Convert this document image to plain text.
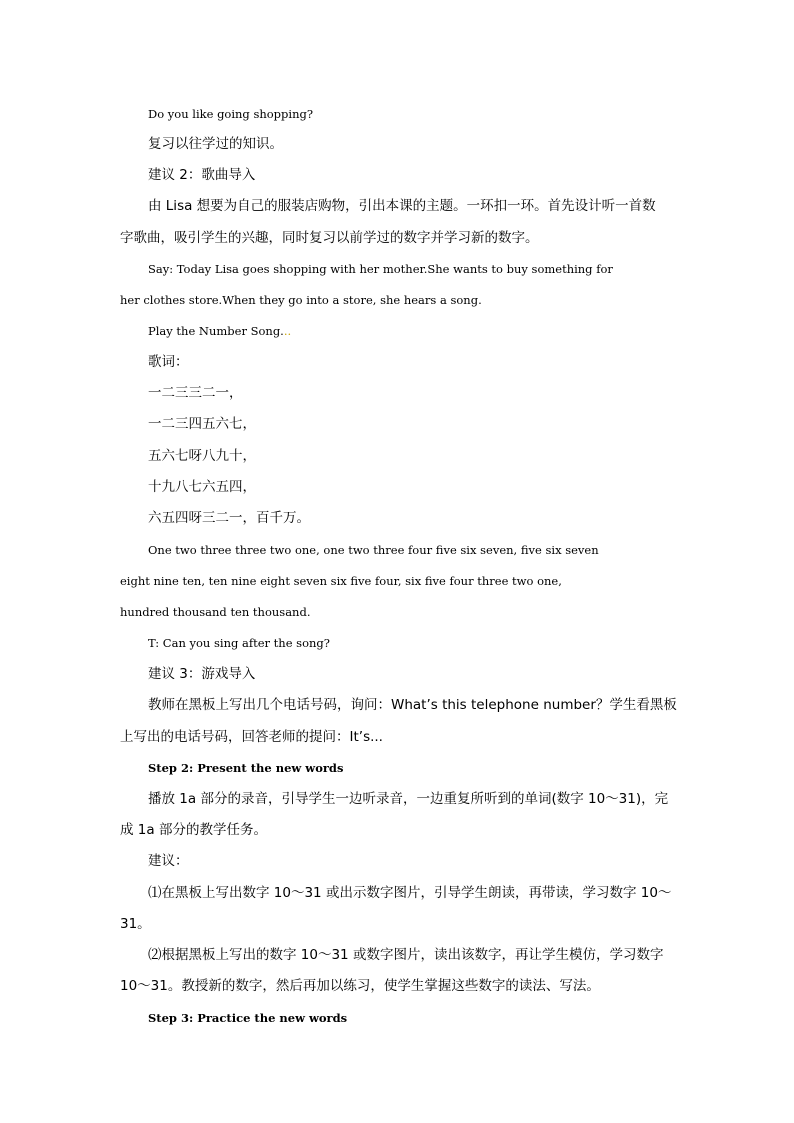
Do you like going shopping?
复习以往学过的知识。
建议 2：歌曲导入
由 Lisa 想要为自己的服装店购物，引出本课的主题。一环扣一环。首先设计听一首数
字歌曲，吸引学生的兴趣，同时复习以前学过的数字并学习新的数字。
Say: Today Lisa goes shopping with her mother.She wants to buy something for
her clothes store.When they go into a store, she hears a song.
Play the Number Song...
歌词：
一二三三二一，
一二三四五六七，
五六七呀八九十，
十九八七六五四，
六五四呀三二一，百千万。
One two three three two one, one two three four five six seven, five six seven
eight nine ten, ten nine eight seven six five four, six five four three two one,
hundred thousand ten thousand.
T: Can you sing after the song?
建议 3：游戏导入
教师在黑板上写出几个电话号码，询问：What’s this telephone number？学生看黑板
上写出的电话号码，回答老师的提问：It’s...
Step 2: Present the new words
播放 1a 部分的录音，引导学生一边听录音，一边重复所听到的单词(数字 10～31)，完
成 1a 部分的教学任务。
建议：
⑴在黑板上写出数字 10～31 或出示数字图片，引导学生朗读，再带读，学习数字 10～
31。
⑵根据黑板上写出的数字 10～31 或数字图片，读出该数字，再让学生模仿，学习数字
10～31。教授新的数字，然后再加以练习，使学生掌握这些数字的读法、写法。
Step 3: Practice the new words
